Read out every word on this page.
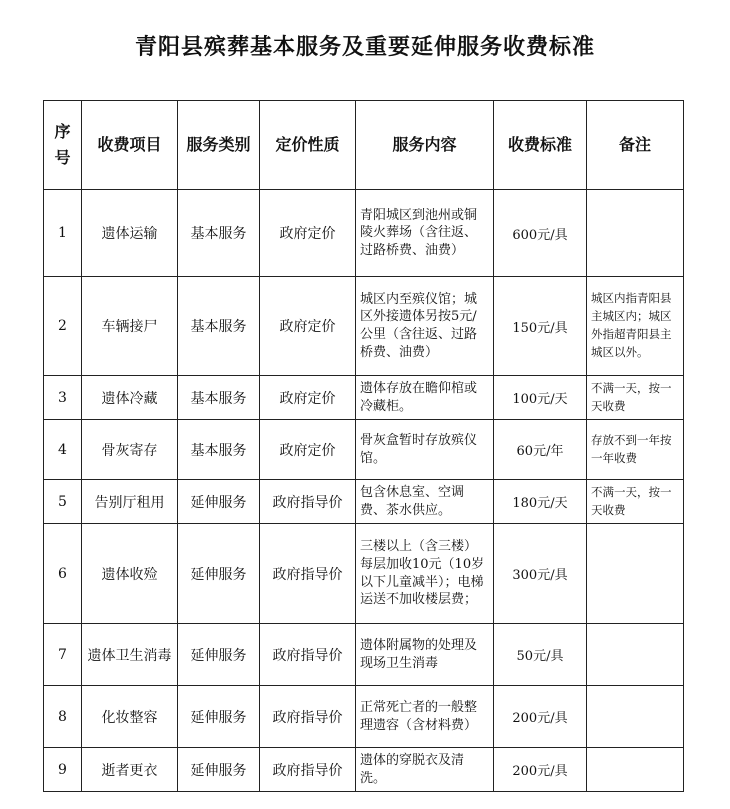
青阳县殡葬基本服务及重要延伸服务收费标准
序号	收费项目	服务类别	定价性质	服务内容	收费标准	备注
1	遗体运输	基本服务	政府定价	青阳城区到池州或铜陵火葬场（含往返、过路桥费、油费）	600元/具	
2	车辆接尸	基本服务	政府定价	城区内至殡仪馆；城区外接遗体另按5元/公里（含往返、过路桥费、油费）	150元/具	城区内指青阳县主城区内；城区外指超青阳县主城区以外。
3	遗体冷藏	基本服务	政府定价	遗体存放在瞻仰棺或冷藏柜。	100元/天	不满一天，按一天收费
4	骨灰寄存	基本服务	政府定价	骨灰盒暂时存放殡仪馆。	60元/年	存放不到一年按一年收费
5	告别厅租用	延伸服务	政府指导价	包含休息室、空调费、茶水供应。	180元/天	不满一天，按一天收费
6	遗体收殓	延伸服务	政府指导价	三楼以上（含三楼）每层加收10元（10岁以下儿童减半）；电梯运送不加收楼层费；	300元/具	
7	遗体卫生消毒	延伸服务	政府指导价	遗体附属物的处理及现场卫生消毒	50元/具	
8	化妆整容	延伸服务	政府指导价	正常死亡者的一般整理遗容（含材料费）	200元/具	
9	逝者更衣	延伸服务	政府指导价	遗体的穿脱衣及清洗。	200元/具	
